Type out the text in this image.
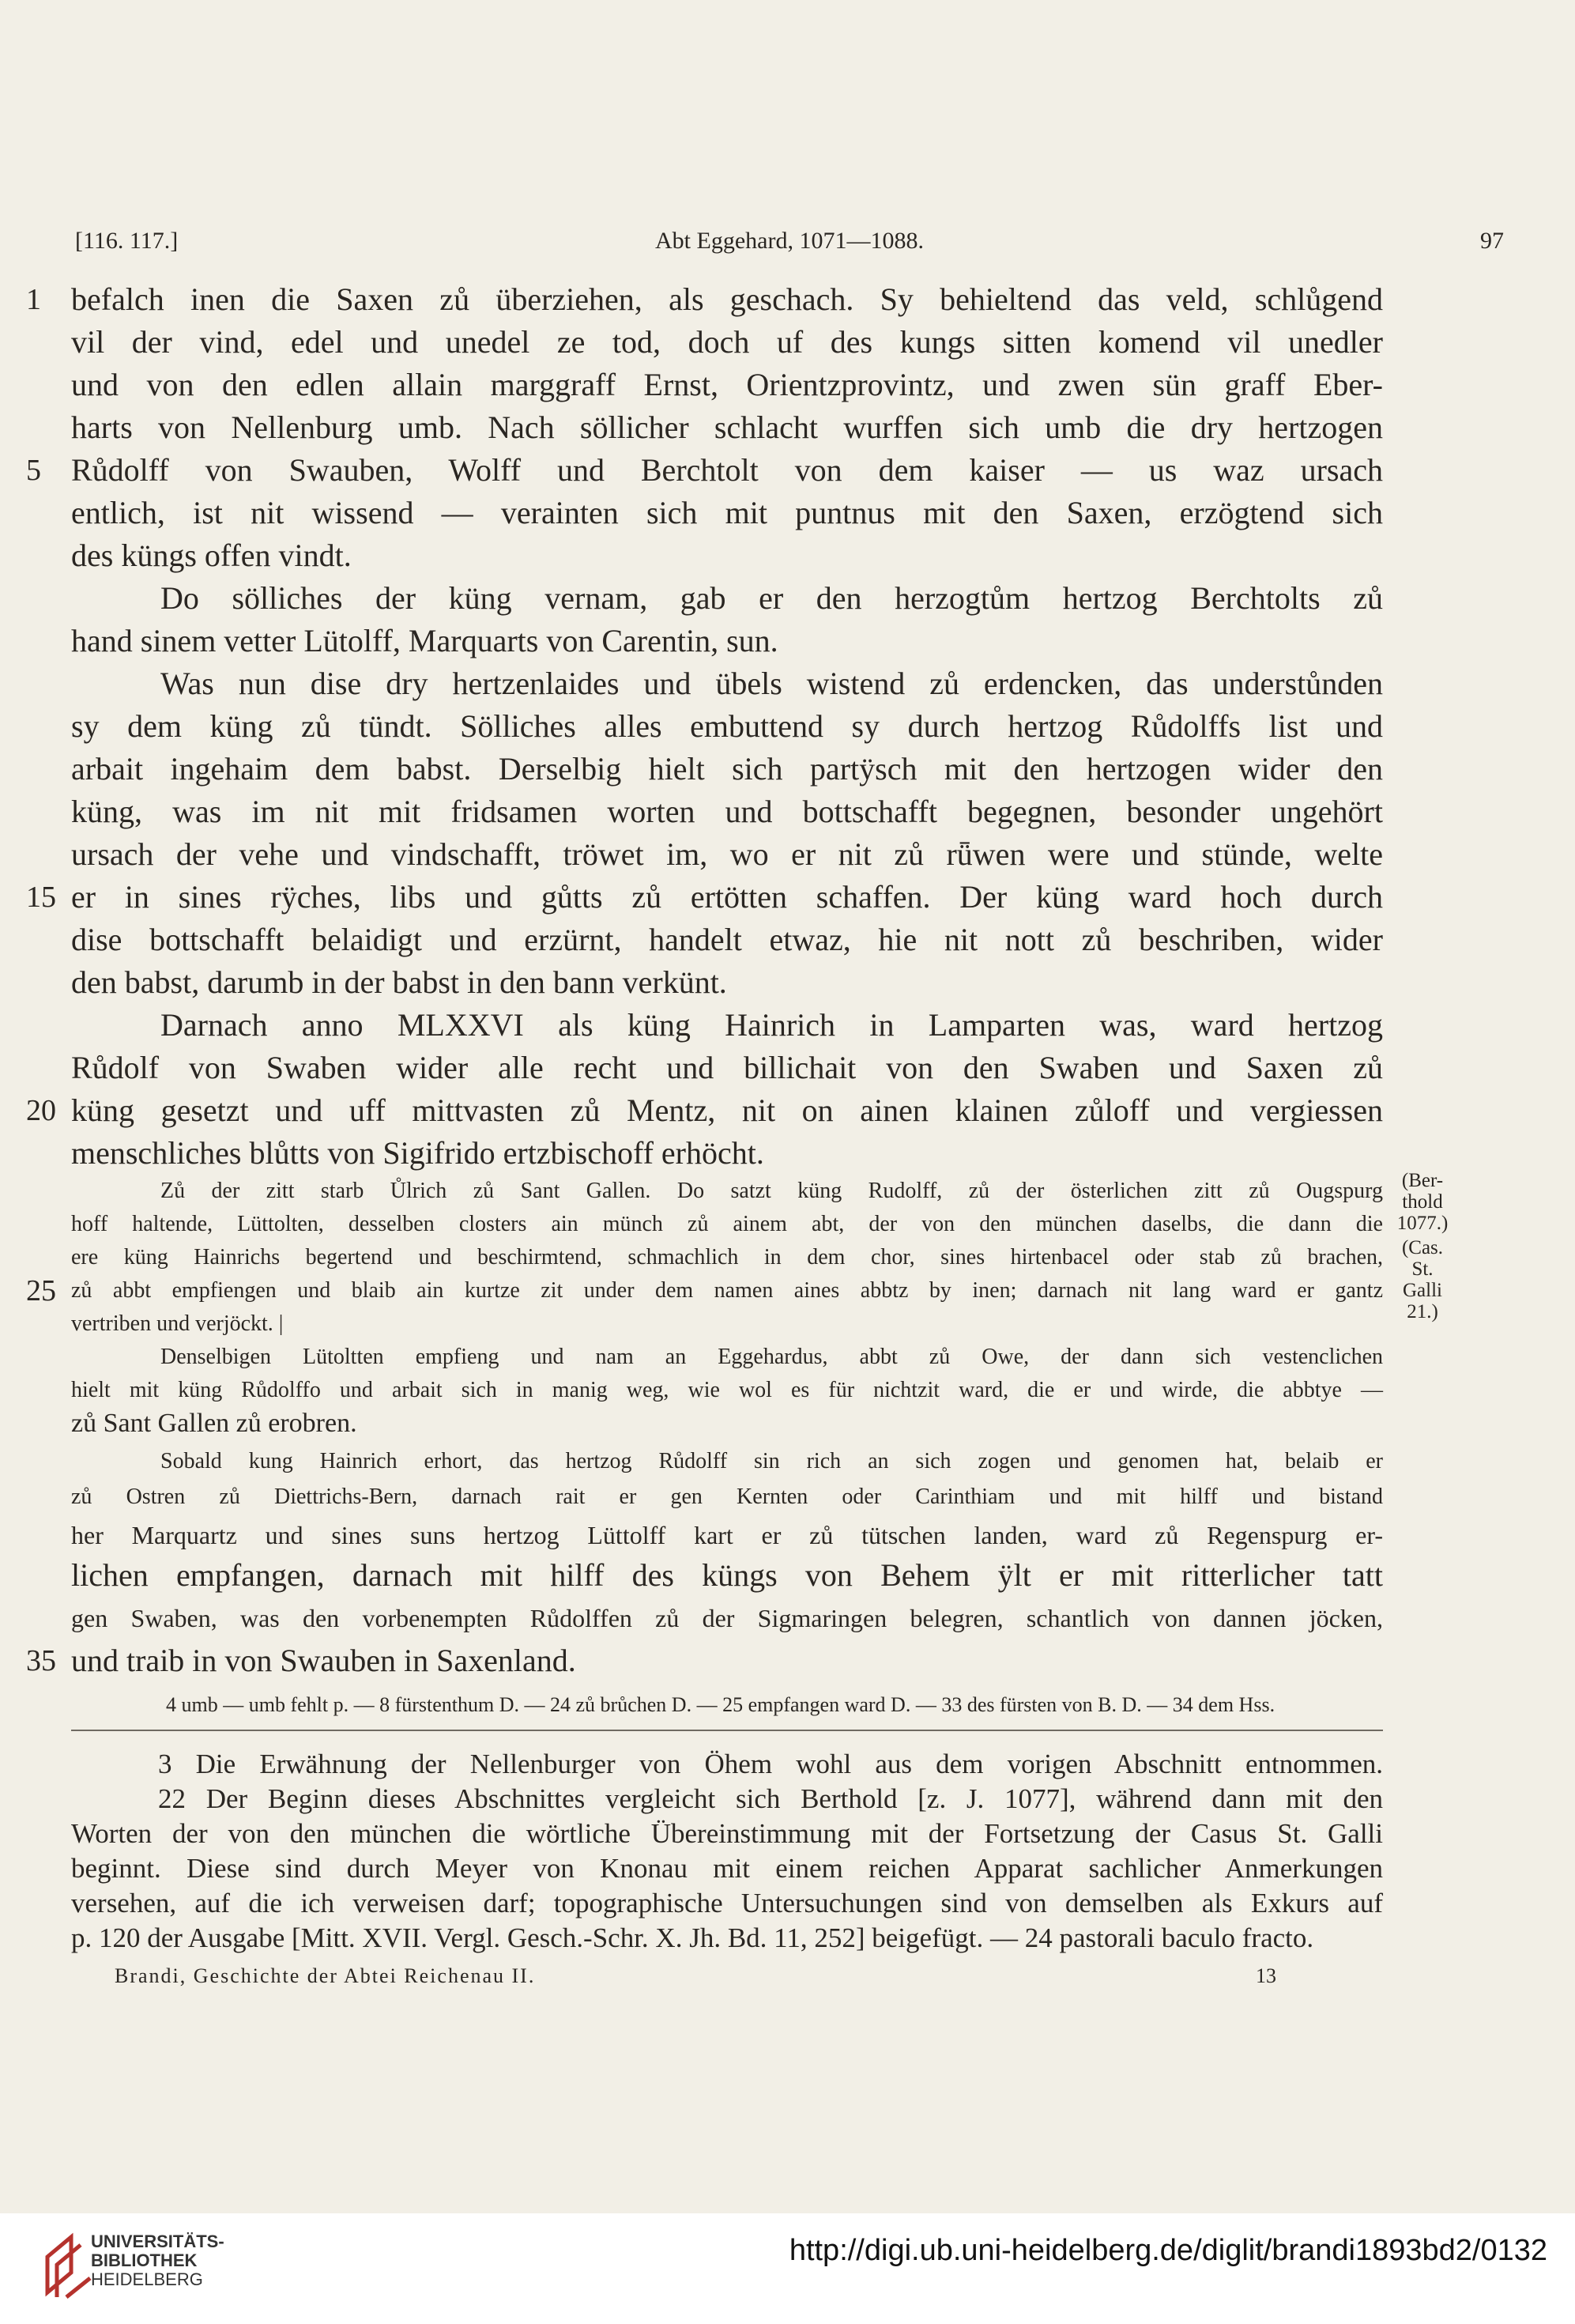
[116. 117.]	Abt Eggehard, 1071—1088.	97
1 befalch inen die Saxen zů überziehen, als geschach. Sy behieltend das veld, schlůgend
vil der vind, edel und unedel ze tod, doch uf des kungs sitten komend vil unedler
und von den edlen allain marggraff Ernst, Orientzprovintz, und zwen sün graff Eber-
harts von Nellenburg umb. Nach söllicher schlacht wurffen sich umb die dry hertzogen
5 Růdolff von Swauben, Wolff und Berchtolt von dem kaiser — us waz ursach
entlich, ist nit wissend — verainten sich mit puntnus mit den Saxen, erzögtend sich
des küngs offen vindt.
Do sölliches der küng vernam, gab er den herzogtům hertzog Berchtolts zů
hand sinem vetter Lütolff, Marquarts von Carentin, sun.
Was nun dise dry hertzenlaides und übels wistend zů erdencken, das understůnden
sy dem küng zů tündt. Sölliches alles embuttend sy durch hertzog Růdolffs list und
arbait ingehaim dem babst. Derselbig hielt sich partÿsch mit den hertzogen wider den
küng, was im nit mit fridsamen worten und bottschafft begegnen, besonder ungehört
ursach der vehe und vindschafft, tröwet im, wo er nit zů rǖwen were und stünde, welte
15 er in sines rÿches, libs und gůtts zů ertötten schaffen. Der küng ward hoch durch
dise bottschafft belaidigt und erzürnt, handelt etwaz, hie nit nott zů beschriben, wider
den babst, darumb in der babst in den bann verkünt.
Darnach anno MLXXVI als küng Hainrich in Lamparten was, ward hertzog
Růdolf von Swaben wider alle recht und billichait von den Swaben und Saxen zů
20 küng gesetzt und uff mittvasten zů Mentz, nit on ainen klainen zůloff und vergiessen
menschliches blůtts von Sigifrido ertzbischoff erhöcht.
Zů der zitt starb Ůlrich zů Sant Gallen. Do satzt küng Rudolff, zů der österlichen zitt zů Ougspurg
hoff haltende, Lüttolten, desselben closters ain münch zů ainem abt, der von den münchen daselbs, die dann die
ere küng Hainrichs begertend und beschirmtend, schmachlich in dem chor, sines hirtenbacel oder stab zů brachen,
25 zů abbt empfiengen und blaib ain kurtze zit under dem namen aines abbtz by inen; darnach nit lang ward er gantz
vertriben und verjöckt. |
Denselbigen Lütoltten empfieng und nam an Eggehardus, abbt zů Owe, der dann sich vestenclichen
hielt mit küng Růdolffo und arbait sich in manig weg, wie wol es für nichtzit ward, die er und wirde, die abbtye —
zů Sant Gallen zů erobren.
Sobald kung Hainrich erhort, das hertzog Růdolff sin rich an sich zogen und genomen hat, belaib er
zů Ostren zů Diettrichs-Bern, darnach rait er gen Kernten oder Carinthiam und mit hilff und bistand
her Marquartz und sines suns hertzog Lüttolff kart er zů tütschen landen, ward zů Regenspurg er-
lichen empfangen, darnach mit hilff des küngs von Behem ÿlt er mit ritterlicher tatt
gen Swaben, was den vorbenempten Růdolffen zů der Sigmaringen belegren, schantlich von dannen jöcken,
35 und traib in von Swauben in Saxenland.
(Ber-thold 1077.)
(Cas. St. Galli 21.)
4 umb — umb fehlt p. — 8 fürstenthum D. — 24 zů brůchen D. — 25 empfangen ward D. — 33 des fürsten von B. D. — 34 dem Hss.
3 Die Erwähnung der Nellenburger von Öhem wohl aus dem vorigen Abschnitt entnommen.
22 Der Beginn dieses Abschnittes vergleicht sich Berthold [z. J. 1077], während dann mit den
Worten der von den münchen die wörtliche Übereinstimmung mit der Fortsetzung der Casus St. Galli
beginnt. Diese sind durch Meyer von Knonau mit einem reichen Apparat sachlicher Anmerkungen
versehen, auf die ich verweisen darf; topographische Untersuchungen sind von demselben als Exkurs auf
p. 120 der Ausgabe [Mitt. XVII. Vergl. Gesch.-Schr. X. Jh. Bd. 11, 252] beigefügt. — 24 pastorali baculo fracto.
Brandi, Geschichte der Abtei Reichenau II.	13
UNIVERSITÄTS-
BIBLIOTHEK
HEIDELBERG
http://digi.ub.uni-heidelberg.de/diglit/brandi1893bd2/0132
